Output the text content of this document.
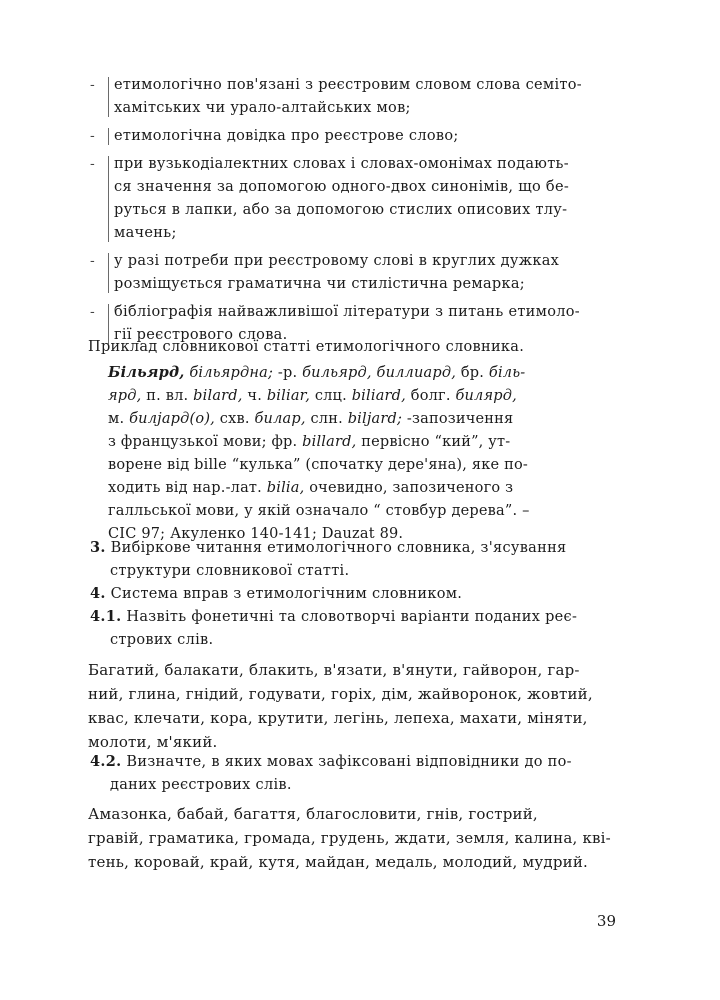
- етимологічно пов'язані з реєстровим словом слова семіто-
хамітських чи урало-алтайських мов;
- етимологічна довідка про реєстрове слово;
- при вузькодіалектних словах і словах-омонімах подають-
ся значення за допомогою одного-двох синонімів, що бе-
руться в лапки, або за допомогою стислих описових тлу-
мачень;
- у разі потреби при реєстровому слові в круглих дужках
розміщується граматична чи стилістична ремарка;
- бібліографія найважливішої літератури з питань етимоло-
гії реєстрового слова.
Приклад словникової статті етимологічного словника.
Більярд, більярдна; -р. бильярд, биллиард, бр. біль-
ярд, п. вл. bilard, ч. biliar, слц. biliard, болг. билярд,
м. билјард(о), схв. билар, слн. biljard; -запозичення
з французької мови; фр. billard, первісно “кий”, ут-
ворене від bille “кулька” (спочатку дере'яна), яке по-
ходить від нар.-лат. bilia, очевидно, запозиченого з
галльської мови, у якій означало “ стовбур дерева”. –
СІС 97; Акуленко 140-141; Dauzat 89.
3. Вибіркове читання етимологічного словника, з'ясування
структури словникової статті.
4. Система вправ з етимологічним словником.
4.1. Назвіть фонетичні та словотворчі варіанти поданих реє-
стрових слів.
Багатий, балакати, блакить, в'язати, в'янути, гайворон, гар-
ний, глина, гнідий, годувати, горіх, дім, жайворонок, жовтий,
квас, клечати, кора, крутити, легінь, лепеха, махати, міняти,
молоти, м'який.
4.2. Визначте, в яких мовах зафіксовані відповідники до по-
даних реєстрових слів.
Амазонка, бабай, багаття, благословити, гнів, гострий,
гравій, граматика, громада, грудень, ждати, земля, калина, кві-
тень, коровай, край, кутя, майдан, медаль, молодий, мудрий.
39
